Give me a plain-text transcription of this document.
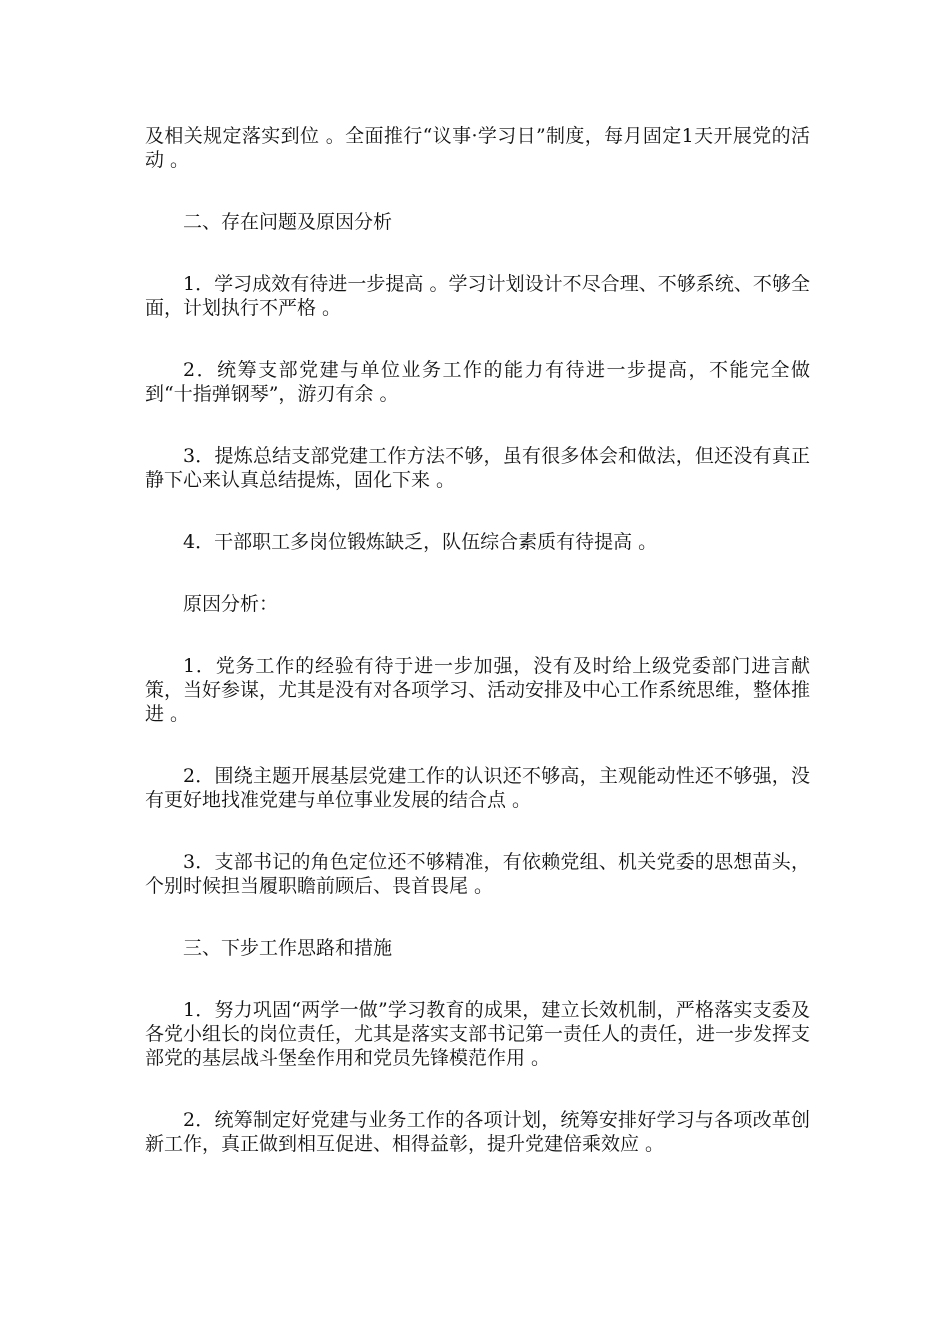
及相关规定落实到位 。全面推行“议事·学习日”制度，每月固定1天开展党的活动 。

二、存在问题及原因分析

1．学习成效有待进一步提高 。学习计划设计不尽合理、不够系统、不够全面，计划执行不严格 。

2．统筹支部党建与单位业务工作的能力有待进一步提高，不能完全做到“十指弹钢琴”，游刃有余 。

3．提炼总结支部党建工作方法不够，虽有很多体会和做法，但还没有真正静下心来认真总结提炼，固化下来 。

4．干部职工多岗位锻炼缺乏，队伍综合素质有待提高 。

原因分析：

1．党务工作的经验有待于进一步加强，没有及时给上级党委部门进言献策，当好参谋，尤其是没有对各项学习、活动安排及中心工作系统思维，整体推进 。

2．围绕主题开展基层党建工作的认识还不够高，主观能动性还不够强，没有更好地找准党建与单位事业发展的结合点 。

3．支部书记的角色定位还不够精准，有依赖党组、机关党委的思想苗头，个别时候担当履职瞻前顾后、畏首畏尾 。

三、下步工作思路和措施

1．努力巩固“两学一做”学习教育的成果，建立长效机制，严格落实支委及各党小组长的岗位责任，尤其是落实支部书记第一责任人的责任，进一步发挥支部党的基层战斗堡垒作用和党员先锋模范作用 。

2．统筹制定好党建与业务工作的各项计划，统筹安排好学习与各项改革创新工作，真正做到相互促进、相得益彰，提升党建倍乘效应 。
